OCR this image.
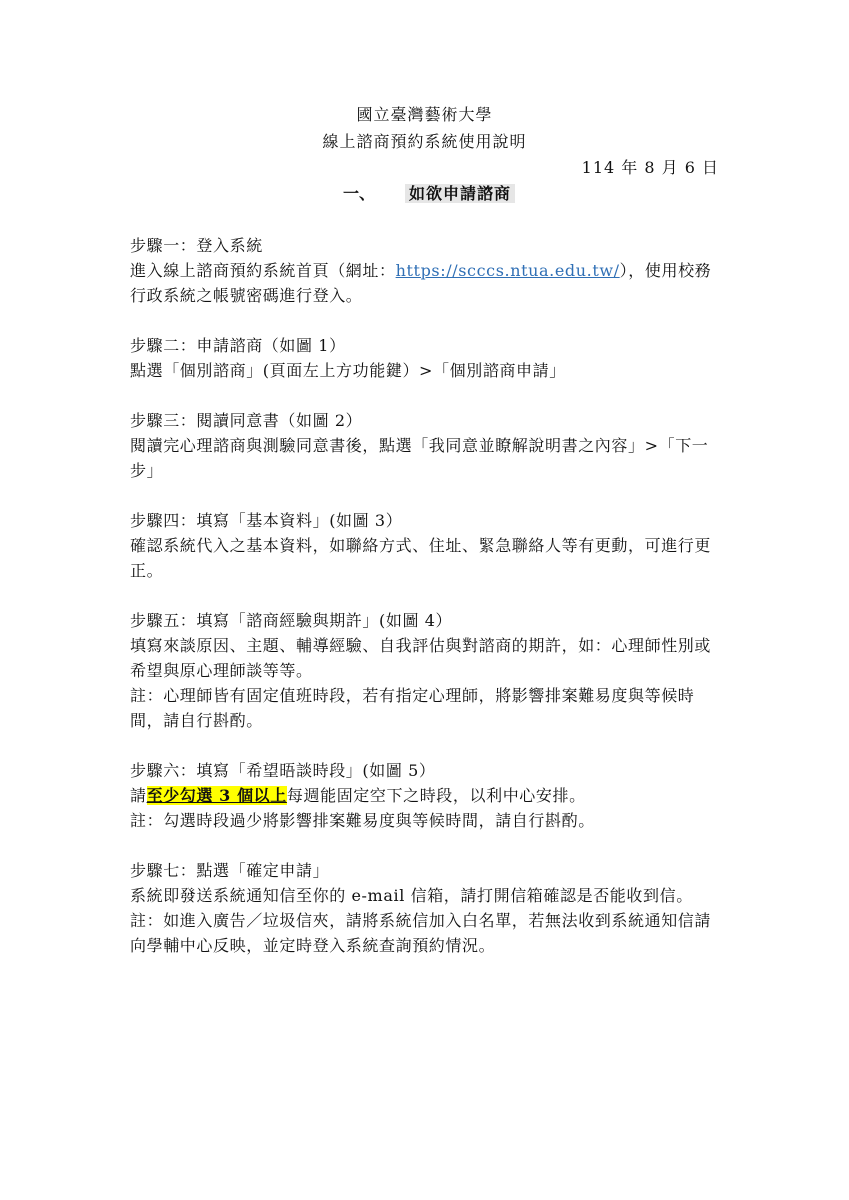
國立臺灣藝術大學
線上諮商預約系統使用說明
114 年 8 月 6 日
一、 如欲申請諮商

步驟一：登入系統

進入線上諮商預約系統首頁（網址：https://scccs.ntua.edu.tw/），使用校務行政系統之帳號密碼進行登入。

步驟二：申請諮商（如圖 1）

點選「個別諮商」(頁面左上方功能鍵）>「個別諮商申請」

步驟三：閱讀同意書（如圖 2）

閱讀完心理諮商與測驗同意書後，點選「我同意並瞭解說明書之內容」>「下一步」

步驟四：填寫「基本資料」(如圖 3）

確認系統代入之基本資料，如聯絡方式、住址、緊急聯絡人等有更動，可進行更正。

步驟五：填寫「諮商經驗與期許」(如圖 4）

填寫來談原因、主題、輔導經驗、自我評估與對諮商的期許，如：心理師性別或希望與原心理師談等等。

註：心理師皆有固定值班時段，若有指定心理師，將影響排案難易度與等候時間，請自行斟酌。

步驟六：填寫「希望晤談時段」(如圖 5）

請至少勾選 3 個以上每週能固定空下之時段，以利中心安排。

註：勾選時段過少將影響排案難易度與等候時間，請自行斟酌。

步驟七：點選「確定申請」

系統即發送系統通知信至你的 e-mail 信箱，請打開信箱確認是否能收到信。

註：如進入廣告／垃圾信夾，請將系統信加入白名單，若無法收到系統通知信請向學輔中心反映，並定時登入系統查詢預約情況。
